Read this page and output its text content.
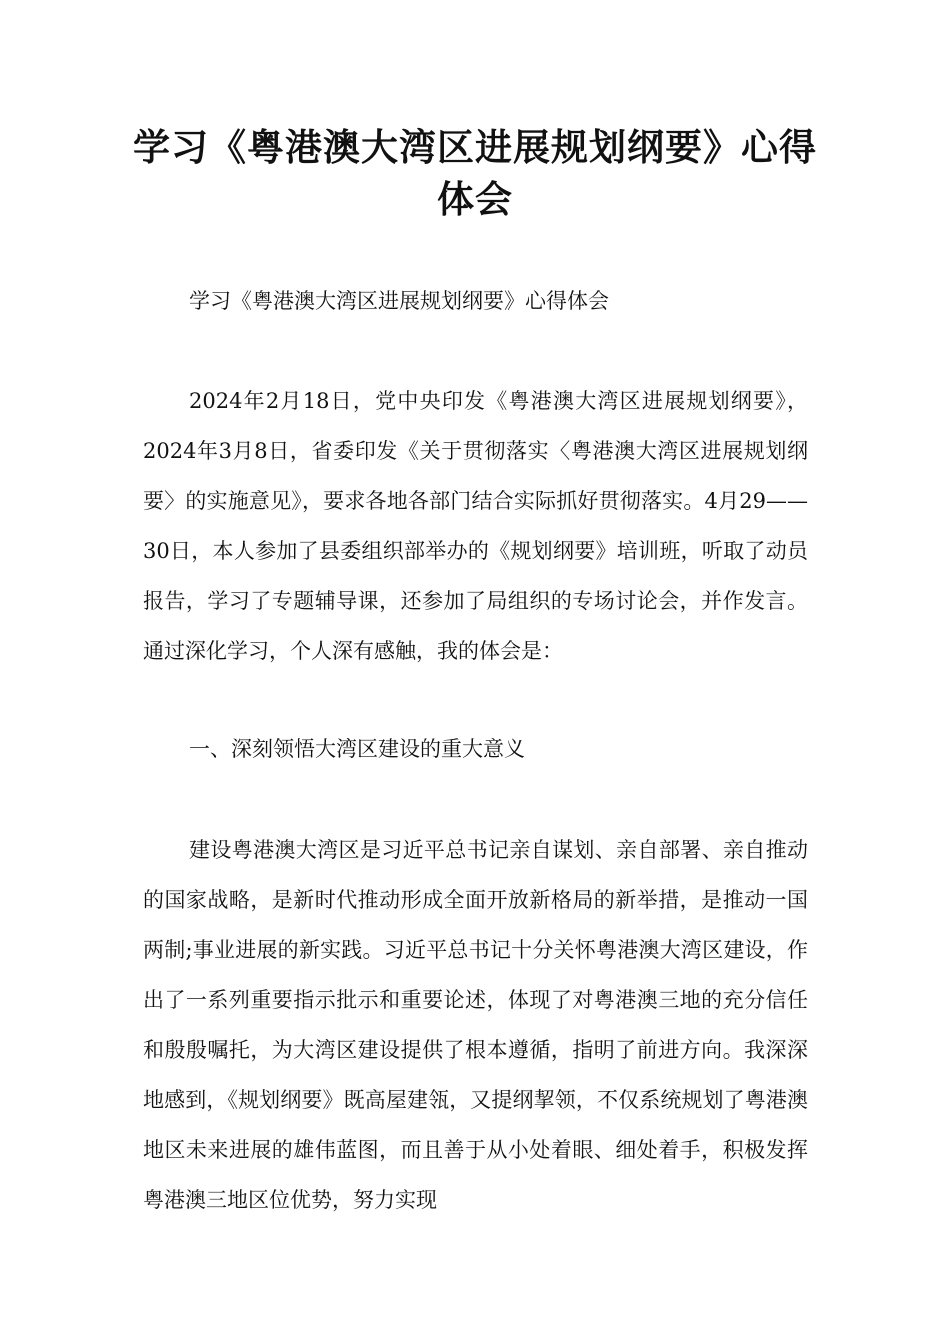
学习《粤港澳大湾区进展规划纲要》心得体会

学习《粤港澳大湾区进展规划纲要》心得体会

2024年2月18日，党中央印发《粤港澳大湾区进展规划纲要》，2024年3月8日，省委印发《关于贯彻落实〈粤港澳大湾区进展规划纲要〉的实施意见》，要求各地各部门结合实际抓好贯彻落实。4月29——30日，本人参加了县委组织部举办的《规划纲要》培训班，听取了动员报告，学习了专题辅导课，还参加了局组织的专场讨论会，并作发言。通过深化学习，个人深有感触，我的体会是：

一、深刻领悟大湾区建设的重大意义

建设粤港澳大湾区是习近平总书记亲自谋划、亲自部署、亲自推动的国家战略，是新时代推动形成全面开放新格局的新举措，是推动一国两制;事业进展的新实践。习近平总书记十分关怀粤港澳大湾区建设，作出了一系列重要指示批示和重要论述，体现了对粤港澳三地的充分信任和殷殷嘱托，为大湾区建设提供了根本遵循，指明了前进方向。我深深地感到，《规划纲要》既高屋建瓴，又提纲挈领，不仅系统规划了粤港澳地区未来进展的雄伟蓝图，而且善于从小处着眼、细处着手，积极发挥粤港澳三地区位优势，努力实现
